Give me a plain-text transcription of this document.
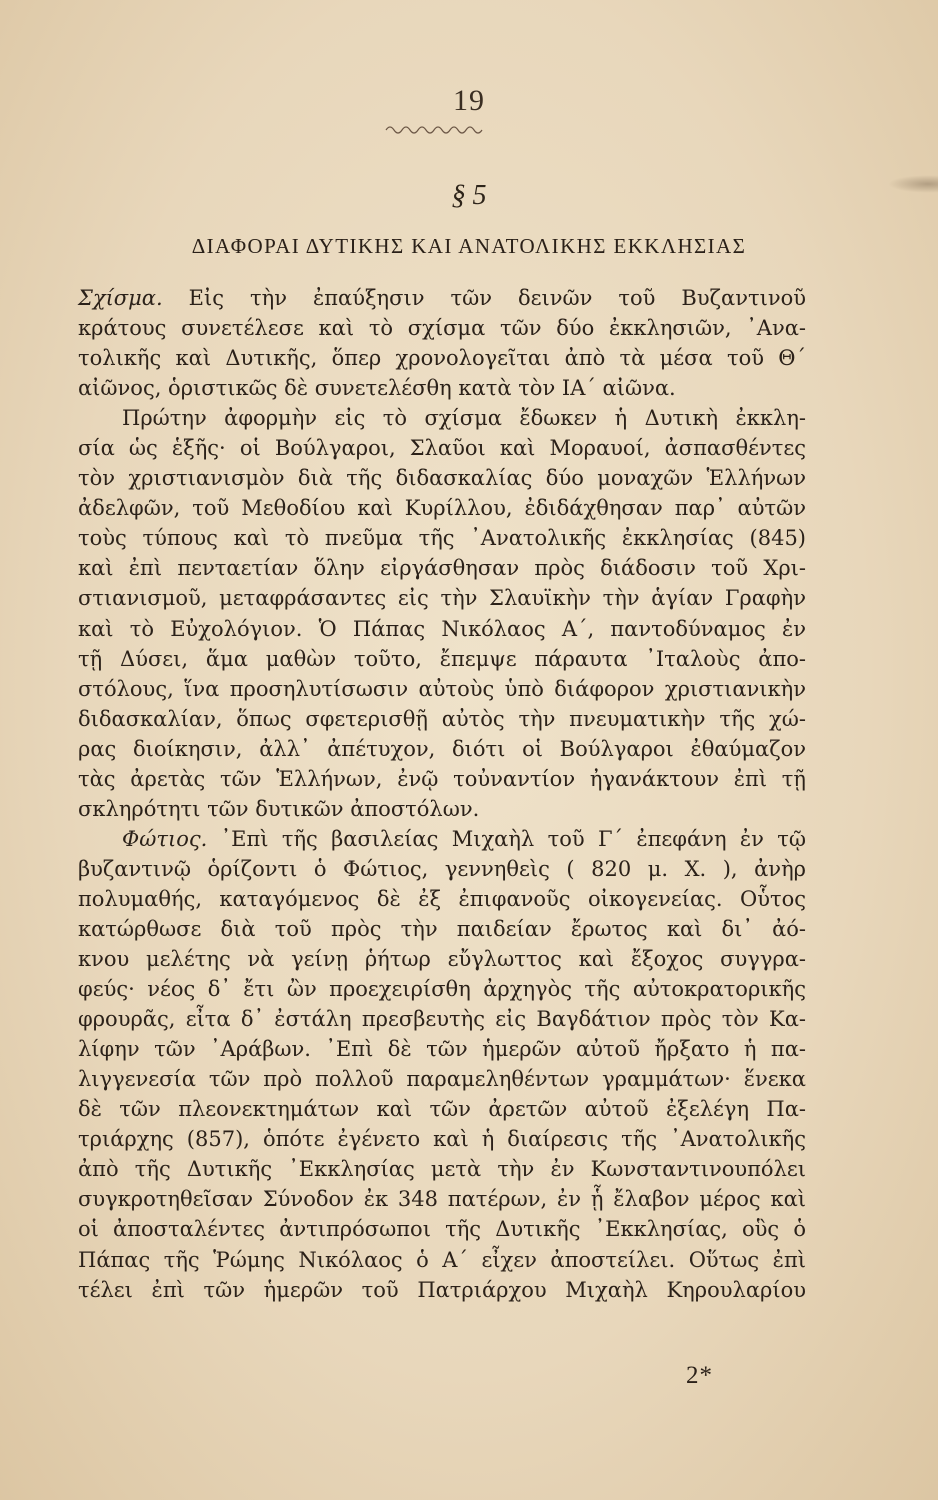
19
§ 5
ΔΙΑΦΟΡΑΙ ΔΥΤΙΚΗΣ ΚΑΙ ΑΝΑΤΟΛΙΚΗΣ ΕΚΚΛΗΣΙΑΣ
Σχίσμα. Εἰς τὴν ἐπαύξησιν τῶν δεινῶν τοῦ Βυζαντινοῦ
κράτους συνετέλεσε καὶ τὸ σχίσμα τῶν δύο ἐκκλησιῶν, ᾿Ανα-
τολικῆς καὶ Δυτικῆς, ὅπερ χρονολογεῖται ἀπὸ τὰ μέσα τοῦ Θ΄
αἰῶνος, ὁριστικῶς δὲ συνετελέσθη κατὰ τὸν ΙΑ΄ αἰῶνα.
Πρώτην ἀφορμὴν εἰς τὸ σχίσμα ἔδωκεν ἡ Δυτικὴ ἐκκλη-
σία ὡς ἑξῆς· οἱ Βούλγαροι, Σλαῦοι καὶ Μοραυοί, ἀσπασθέντες
τὸν χριστιανισμὸν διὰ τῆς διδασκαλίας δύο μοναχῶν Ἑλλήνων
ἀδελφῶν, τοῦ Μεθοδίου καὶ Κυρίλλου, ἐδιδάχθησαν παρ᾿ αὐτῶν
τοὺς τύπους καὶ τὸ πνεῦμα τῆς ᾿Ανατολικῆς ἐκκλησίας (845)
καὶ ἐπὶ πενταετίαν ὅλην εἰργάσθησαν πρὸς διάδοσιν τοῦ Χρι-
στιανισμοῦ, μεταφράσαντες εἰς τὴν Σλαυϊκὴν τὴν ἁγίαν Γραφὴν
καὶ τὸ Εὐχολόγιον. Ὁ Πάπας Νικόλαος Α΄, παντοδύναμος ἐν
τῇ Δύσει, ἅμα μαθὼν τοῦτο, ἔπεμψε πάραυτα ᾿Ιταλοὺς ἀπο-
στόλους, ἵνα προσηλυτίσωσιν αὐτοὺς ὑπὸ διάφορον χριστιανικὴν
διδασκαλίαν, ὅπως σφετερισθῇ αὐτὸς τὴν πνευματικὴν τῆς χώ-
ρας διοίκησιν, ἀλλ᾿ ἀπέτυχον, διότι οἱ Βούλγαροι ἐθαύμαζον
τὰς ἀρετὰς τῶν Ἑλλήνων, ἐνῷ τοὐναντίον ἠγανάκτουν ἐπὶ τῇ
σκληρότητι τῶν δυτικῶν ἀποστόλων.
Φώτιος. ᾿Επὶ τῆς βασιλείας Μιχαὴλ τοῦ Γ΄ ἐπεφάνη ἐν τῷ
βυζαντινῷ ὁρίζοντι ὁ Φώτιος, γεννηθεὶς ( 820 μ. Χ. ), ἀνὴρ
πολυμαθής, καταγόμενος δὲ ἐξ ἐπιφανοῦς οἰκογενείας. Οὗτος
κατώρθωσε διὰ τοῦ πρὸς τὴν παιδείαν ἔρωτος καὶ δι᾿ ἀό-
κνου μελέτης νὰ γείνῃ ῥήτωρ εὔγλωττος καὶ ἔξοχος συγγρα-
φεύς· νέος δ᾿ ἔτι ὢν προεχειρίσθη ἀρχηγὸς τῆς αὐτοκρατορικῆς
φρουρᾶς, εἶτα δ᾿ ἐστάλη πρεσβευτὴς εἰς Βαγδάτιον πρὸς τὸν Κα-
λίφην τῶν ᾿Αράβων. ᾿Επὶ δὲ τῶν ἡμερῶν αὐτοῦ ἤρξατο ἡ πα-
λιγγενεσία τῶν πρὸ πολλοῦ παραμεληθέντων γραμμάτων· ἕνεκα
δὲ τῶν πλεονεκτημάτων καὶ τῶν ἀρετῶν αὐτοῦ ἐξελέγη Πα-
τριάρχης (857), ὁπότε ἐγένετο καὶ ἡ διαίρεσις τῆς ᾿Ανατολικῆς
ἀπὸ τῆς Δυτικῆς ᾿Εκκλησίας μετὰ τὴν ἐν Κωνσταντινουπόλει
συγκροτηθεῖσαν Σύνοδον ἐκ 348 πατέρων, ἐν ᾗ ἔλαβον μέρος καὶ
οἱ ἀποσταλέντες ἀντιπρόσωποι τῆς Δυτικῆς ᾿Εκκλησίας, οὓς ὁ
Πάπας τῆς Ῥώμης Νικόλαος ὁ Α΄ εἶχεν ἀποστείλει. Οὕτως ἐπὶ
τέλει ἐπὶ τῶν ἡμερῶν τοῦ Πατριάρχου Μιχαὴλ Κηρουλαρίου
2*
